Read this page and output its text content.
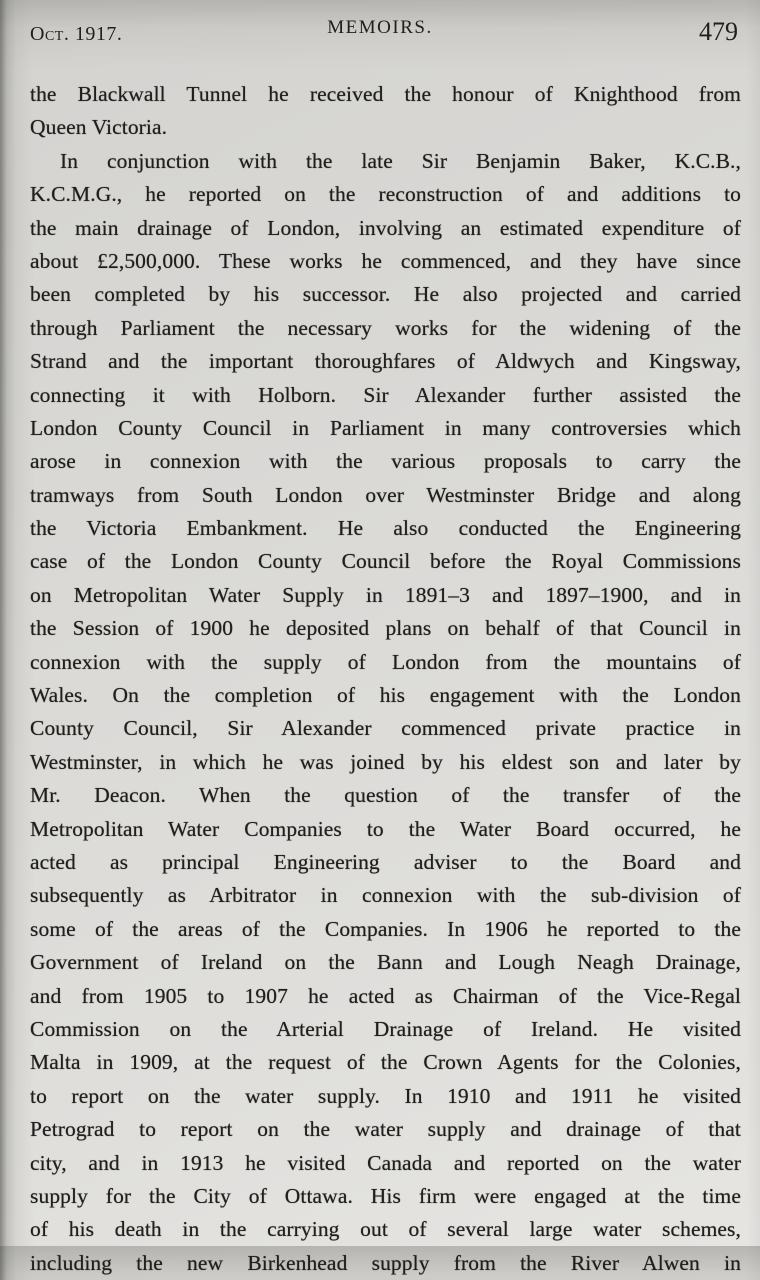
Oct. 1917.	MEMOIRS.	479
the Blackwall Tunnel he received the honour of Knighthood from
Queen Victoria.
In conjunction with the late Sir Benjamin Baker, K.C.B.,
K.C.M.G., he reported on the reconstruction of and additions to
the main drainage of London, involving an estimated expenditure of
about £2,500,000. These works he commenced, and they have since
been completed by his successor. He also projected and carried
through Parliament the necessary works for the widening of the
Strand and the important thoroughfares of Aldwych and Kingsway,
connecting it with Holborn. Sir Alexander further assisted the
London County Council in Parliament in many controversies which
arose in connexion with the various proposals to carry the
tramways from South London over Westminster Bridge and along
the Victoria Embankment. He also conducted the Engineering
case of the London County Council before the Royal Commissions
on Metropolitan Water Supply in 1891–3 and 1897–1900, and in
the Session of 1900 he deposited plans on behalf of that Council in
connexion with the supply of London from the mountains of
Wales. On the completion of his engagement with the London
County Council, Sir Alexander commenced private practice in
Westminster, in which he was joined by his eldest son and later by
Mr. Deacon. When the question of the transfer of the
Metropolitan Water Companies to the Water Board occurred, he
acted as principal Engineering adviser to the Board and
subsequently as Arbitrator in connexion with the sub-division of
some of the areas of the Companies. In 1906 he reported to the
Government of Ireland on the Bann and Lough Neagh Drainage,
and from 1905 to 1907 he acted as Chairman of the Vice-Regal
Commission on the Arterial Drainage of Ireland. He visited
Malta in 1909, at the request of the Crown Agents for the Colonies,
to report on the water supply. In 1910 and 1911 he visited
Petrograd to report on the water supply and drainage of that
city, and in 1913 he visited Canada and reported on the water
supply for the City of Ottawa. His firm were engaged at the time
of his death in the carrying out of several large water schemes,
including the new Birkenhead supply from the River Alwen in
